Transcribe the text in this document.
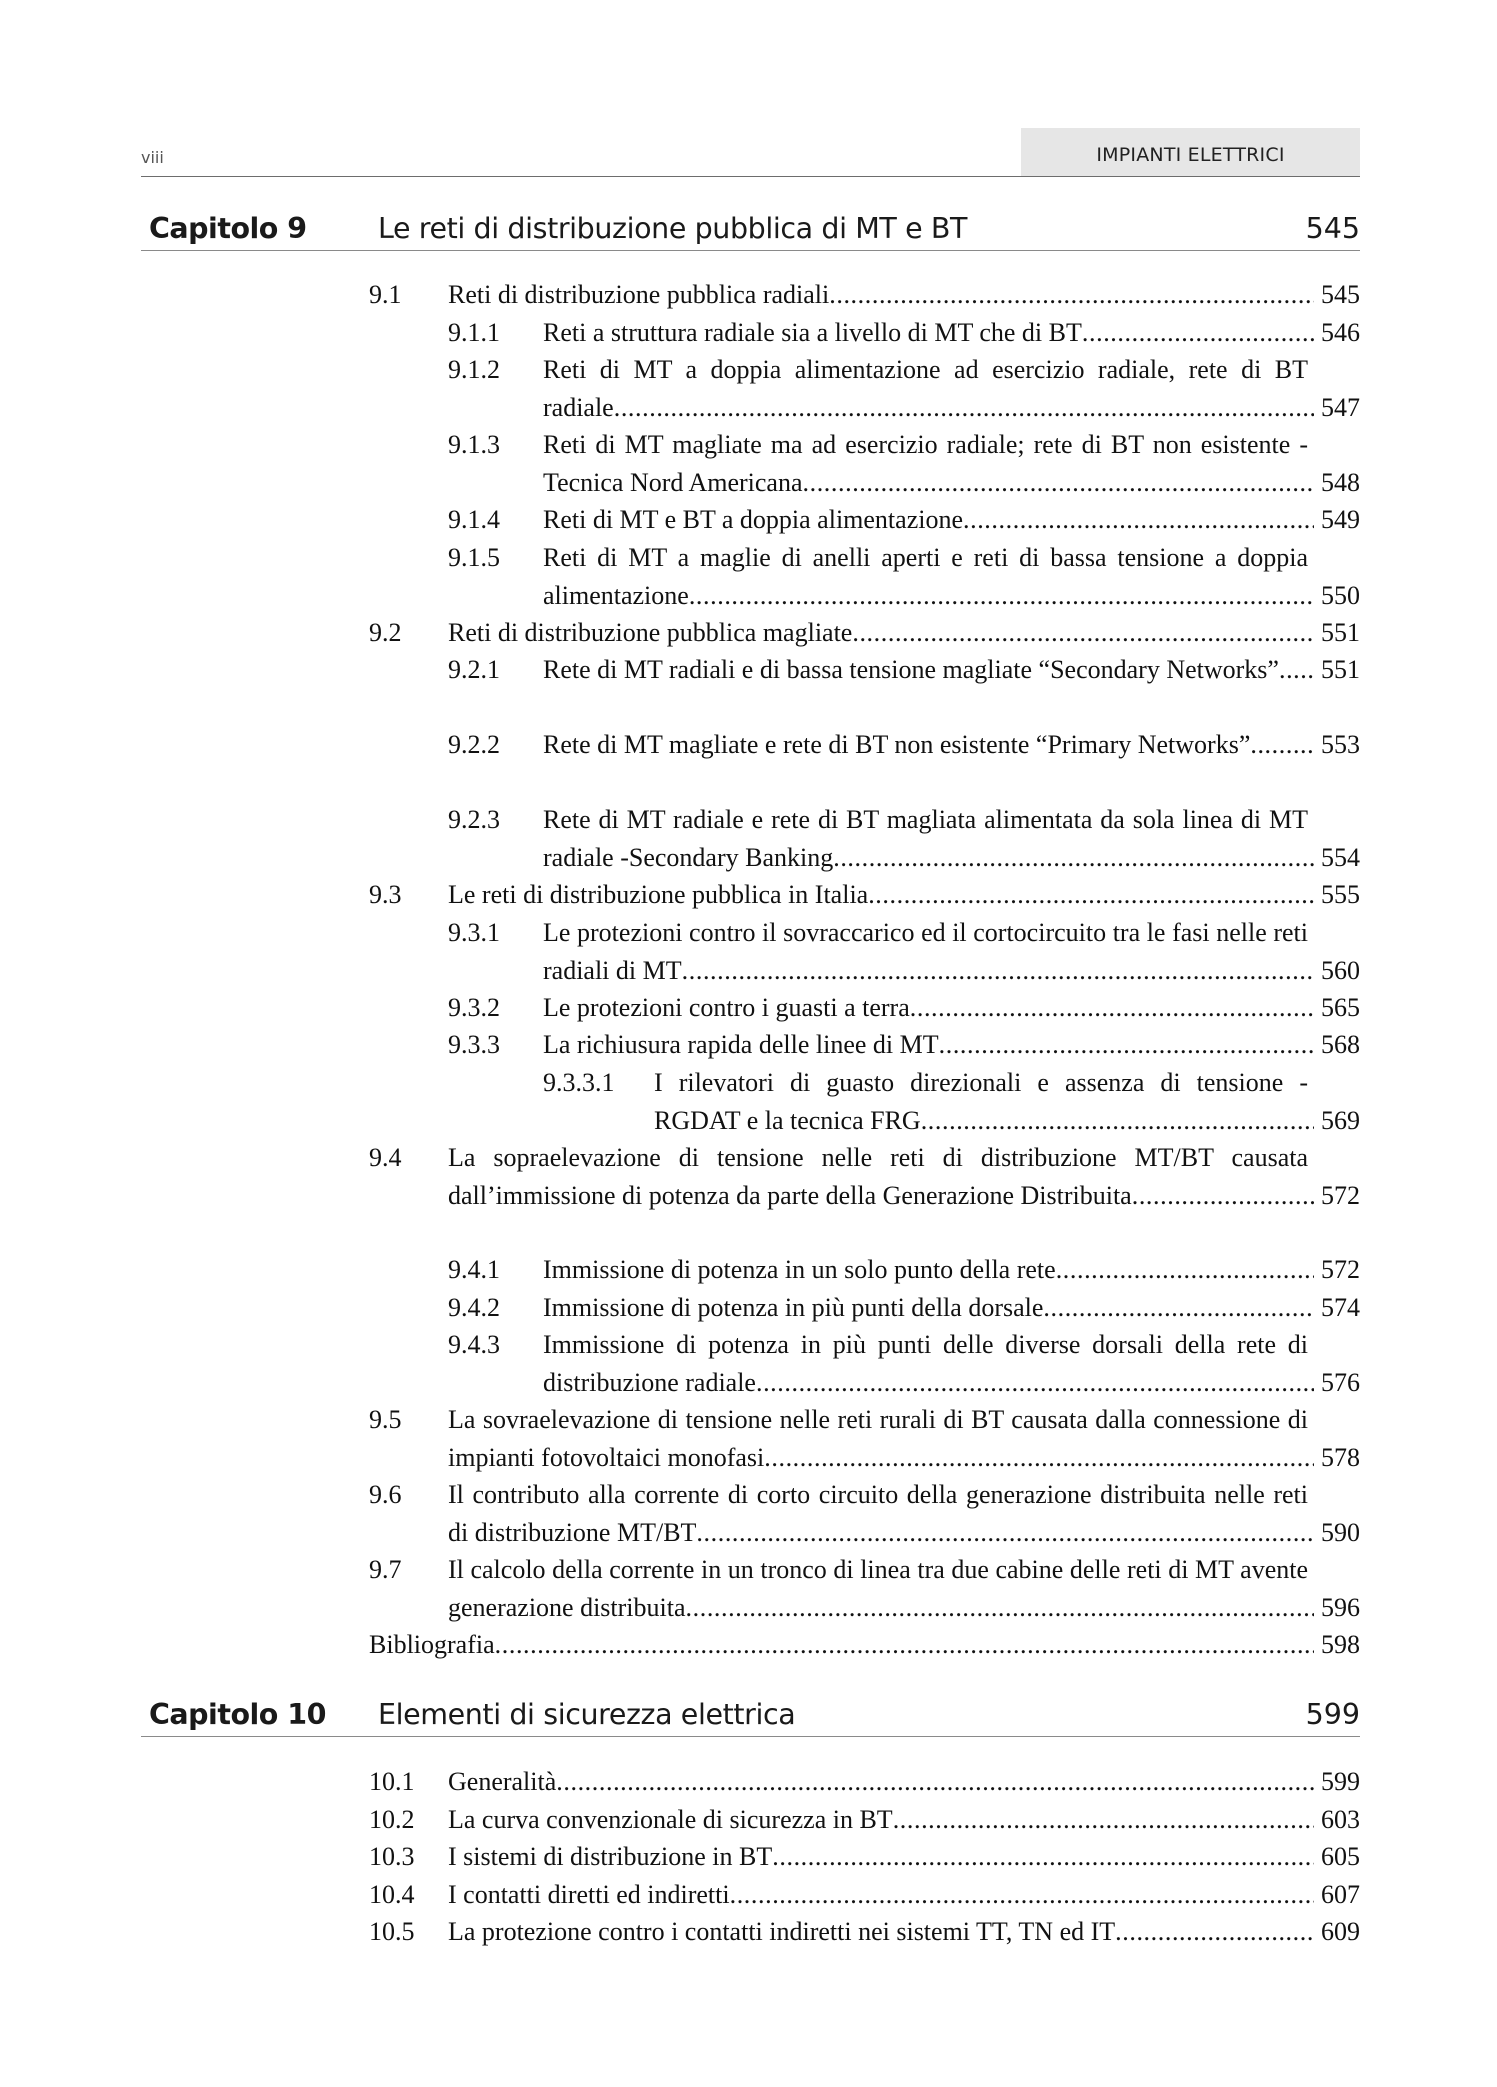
viii	IMPIANTI ELETTRICI
Capitolo 9	Le reti di distribuzione pubblica di MT e BT	545
9.1	Reti di distribuzione pubblica radiali .....	545
9.1.1	Reti a struttura radiale sia a livello di MT che di BT .....	546
9.1.2	Reti di MT a doppia alimentazione ad esercizio radiale, rete di BT radiale .....	547
9.1.3	Reti di MT magliate ma ad esercizio radiale; rete di BT non esistente - Tecnica Nord Americana .....	548
9.1.4	Reti di MT e BT a doppia alimentazione .....	549
9.1.5	Reti di MT a maglie di anelli aperti e reti di bassa tensione a doppia alimentazione .....	550
9.2	Reti di distribuzione pubblica magliate .....	551
9.2.1	Rete di MT radiali e di bassa tensione magliate “Secondary Networks” .....	551
9.2.2	Rete di MT magliate e rete di BT non esistente “Primary Networks” .....	553
9.2.3	Rete di MT radiale e rete di BT magliata alimentata da sola linea di MT radiale -Secondary Banking .....	554
9.3	Le reti di distribuzione pubblica in Italia .....	555
9.3.1	Le protezioni contro il sovraccarico ed il cortocircuito tra le fasi nelle reti radiali di MT .....	560
9.3.2	Le protezioni contro i guasti a terra .....	565
9.3.3	La richiusura rapida delle linee di MT .....	568
9.3.3.1	I rilevatori di guasto direzionali e assenza di tensione - RGDAT e la tecnica FRG .....	569
9.4	La sopraelevazione di tensione nelle reti di distribuzione MT/BT causata dall’immissione di potenza da parte della Generazione Distribuita .....	572
9.4.1	Immissione di potenza in un solo punto della rete .....	572
9.4.2	Immissione di potenza in più punti della dorsale .....	574
9.4.3	Immissione di potenza in più punti delle diverse dorsali della rete di distribuzione radiale .....	576
9.5	La sovraelevazione di tensione nelle reti rurali di BT causata dalla connessione di impianti fotovoltaici monofasi .....	578
9.6	Il contributo alla corrente di corto circuito della generazione distribuita nelle reti di distribuzione MT/BT .....	590
9.7	Il calcolo della corrente in un tronco di linea tra due cabine delle reti di MT avente generazione distribuita .....	596
Bibliografia .....	598
Capitolo 10 Elementi di sicurezza elettrica	599
10.1	Generalità .....	599
10.2	La curva convenzionale di sicurezza in BT .....	603
10.3	I sistemi di distribuzione in BT .....	605
10.4	I contatti diretti ed indiretti .....	607
10.5	La protezione contro i contatti indiretti nei sistemi TT, TN ed IT .....	609
